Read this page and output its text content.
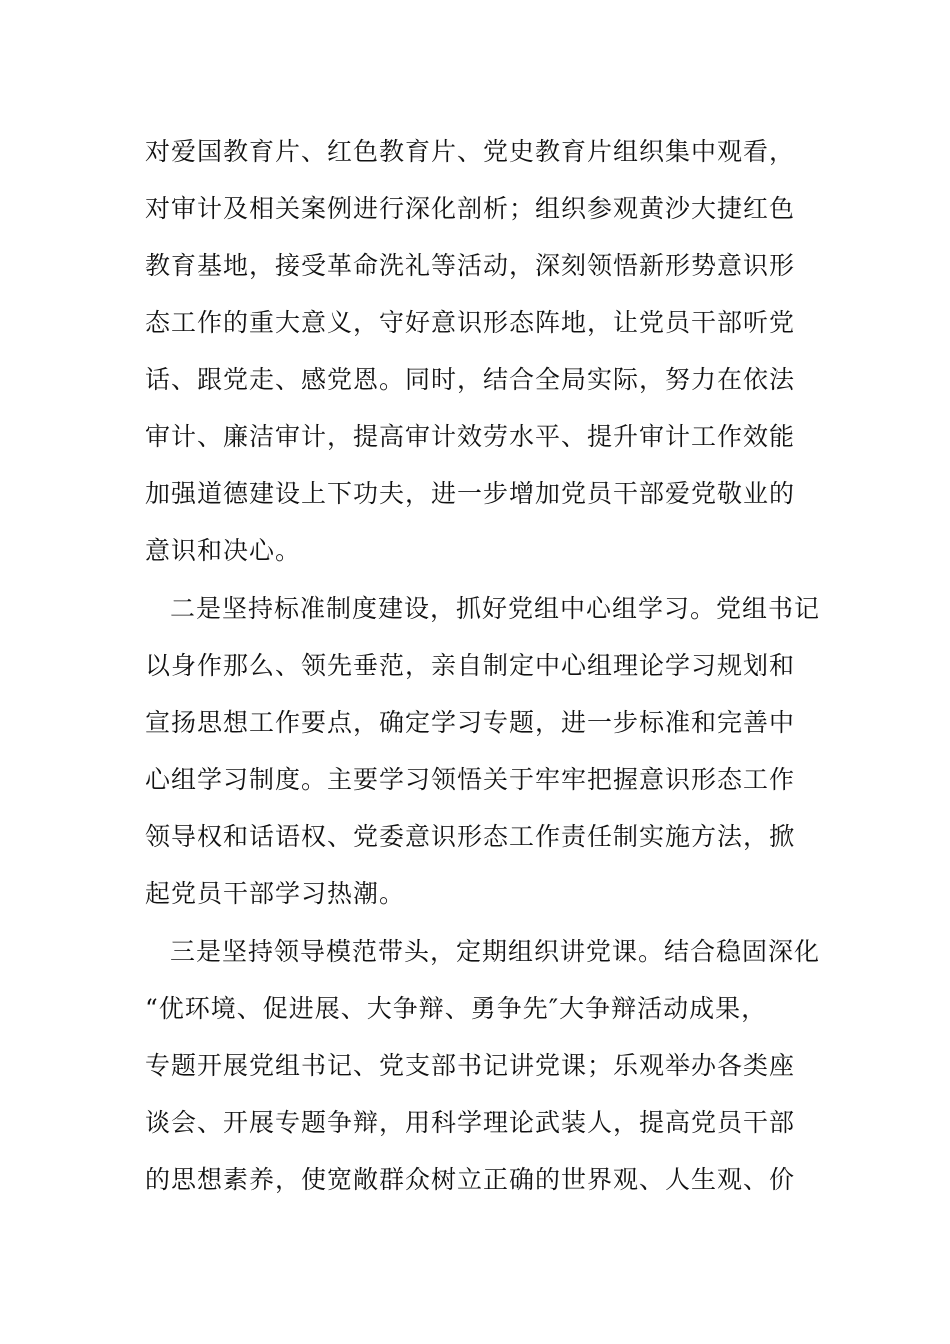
对爱国教育片、红色教育片、党史教育片组织集中观看，
对审计及相关案例进行深化剖析；组织参观黄沙大捷红色
教育基地，接受革命洗礼等活动，深刻领悟新形势意识形
态工作的重大意义，守好意识形态阵地，让党员干部听党
话、跟党走、感党恩。同时，结合全局实际，努力在依法
审计、廉洁审计，提高审计效劳水平、提升审计工作效能
加强道德建设上下功夫，进一步增加党员干部爱党敬业的
意识和决心。
二是坚持标准制度建设，抓好党组中心组学习。党组书记
以身作那么、领先垂范，亲自制定中心组理论学习规划和
宣扬思想工作要点，确定学习专题，进一步标准和完善中
心组学习制度。主要学习领悟关于牢牢把握意识形态工作
领导权和话语权、党委意识形态工作责任制实施方法，掀
起党员干部学习热潮。
三是坚持领导模范带头，定期组织讲党课。结合稳固深化
“优环境、促进展、大争辩、勇争先″大争辩活动成果，
专题开展党组书记、党支部书记讲党课；乐观举办各类座
谈会、开展专题争辩，用科学理论武装人，提高党员干部
的思想素养，使宽敞群众树立正确的世界观、人生观、价
